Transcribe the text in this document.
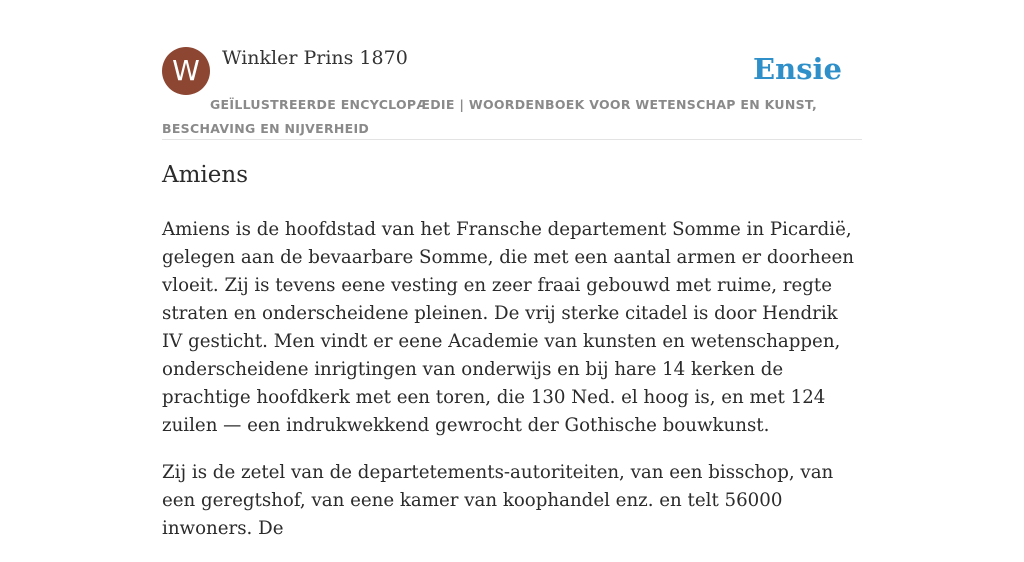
W	Winkler Prins 1870	Ensie
GEÏLLUSTREERDE ENCYCLOPÆDIE | WOORDENBOEK VOOR WETENSCHAP EN KUNST, BESCHAVING EN NIJVERHEID
Amiens

Amiens is de hoofdstad van het Fransche departement Somme in Picardië, gelegen aan de bevaarbare Somme, die met een aantal armen er doorheen vloeit. Zij is tevens eene vesting en zeer fraai gebouwd met ruime, regte straten en onderscheidene pleinen. De vrij sterke citadel is door Hendrik IV gesticht. Men vindt er eene Academie van kunsten en wetenschappen, onderscheidene inrigtingen van onderwijs en bij hare 14 kerken de prachtige hoofdkerk met een toren, die 130 Ned. el hoog is, en met 124 zuilen — een indrukwekkend gewrocht der Gothische bouwkunst.

Zij is de zetel van de departetements-autoriteiten, van een bisschop, van een geregtshof, van eene kamer van koophandel enz. en telt 56000 inwoners. De
